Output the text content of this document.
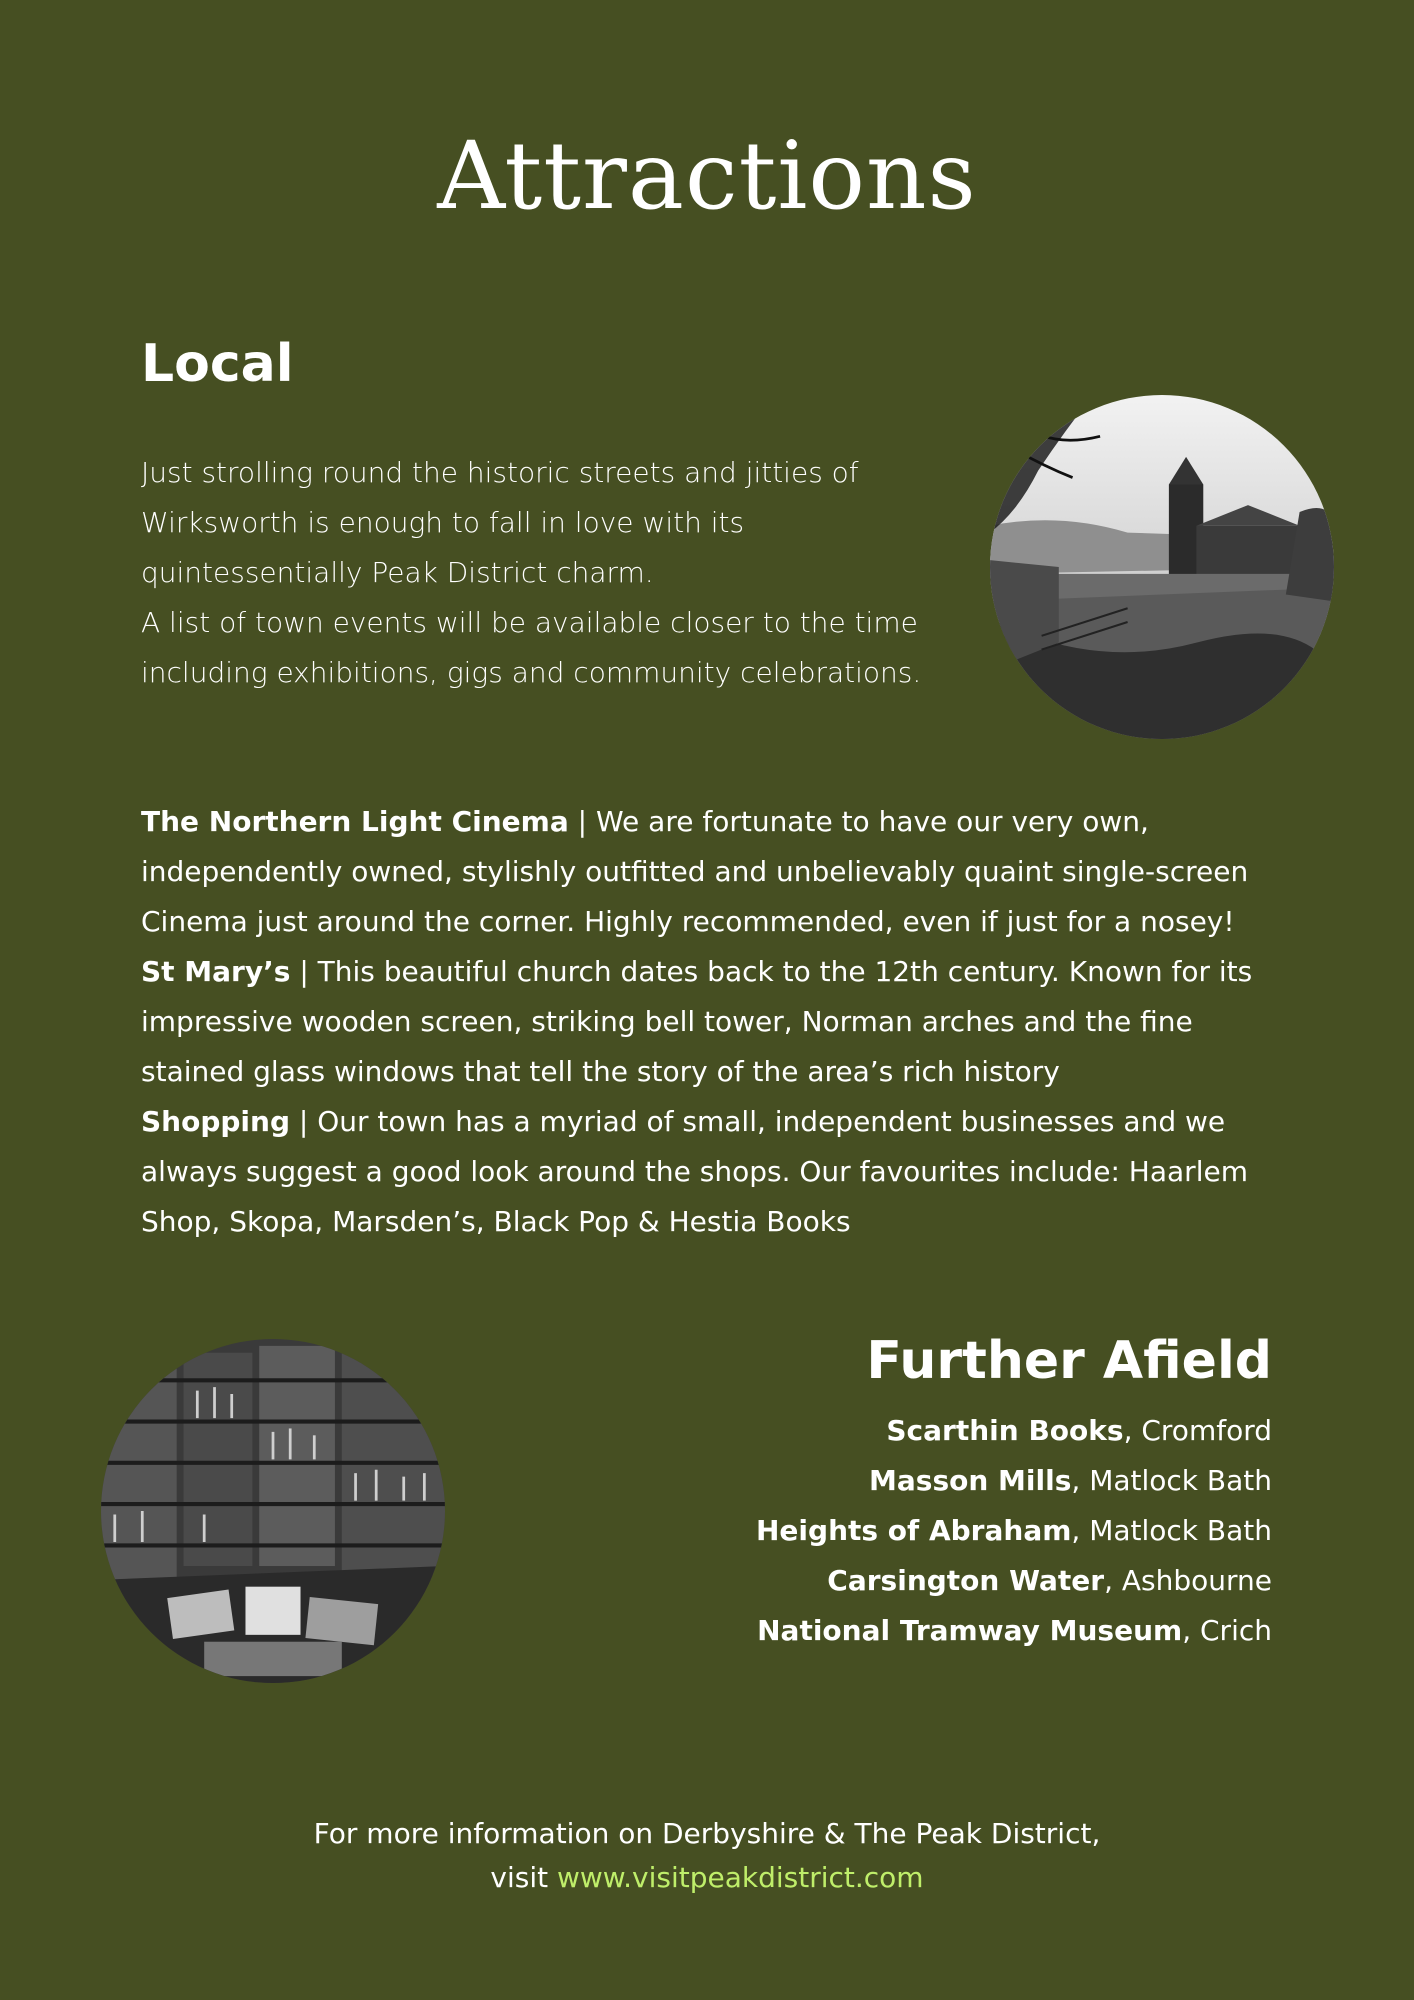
Attractions
Local

Just strolling round the historic streets and jitties of Wirksworth is enough to fall in love with its quintessentially Peak District charm.

A list of town events will be available closer to the time including exhibitions, gigs and community celebrations.

The Northern Light Cinema | We are fortunate to have our very own, independently owned, stylishly outfitted and unbelievably quaint single-screen Cinema just around the corner. Highly recommended, even if just for a nosey!

St Mary’s | This beautiful church dates back to the 12th century. Known for its impressive wooden screen, striking bell tower, Norman arches and the fine stained glass windows that tell the story of the area’s rich history

Shopping | Our town has a myriad of small, independent businesses and we always suggest a good look around the shops. Our favourites include: Haarlem Shop, Skopa, Marsden’s, Black Pop & Hestia Books

Further Afield
Scarthin Books, Cromford
Masson Mills, Matlock Bath
Heights of Abraham, Matlock Bath
Carsington Water, Ashbourne
National Tramway Museum, Crich
For more information on Derbyshire & The Peak District,
visit www.visitpeakdistrict.com
